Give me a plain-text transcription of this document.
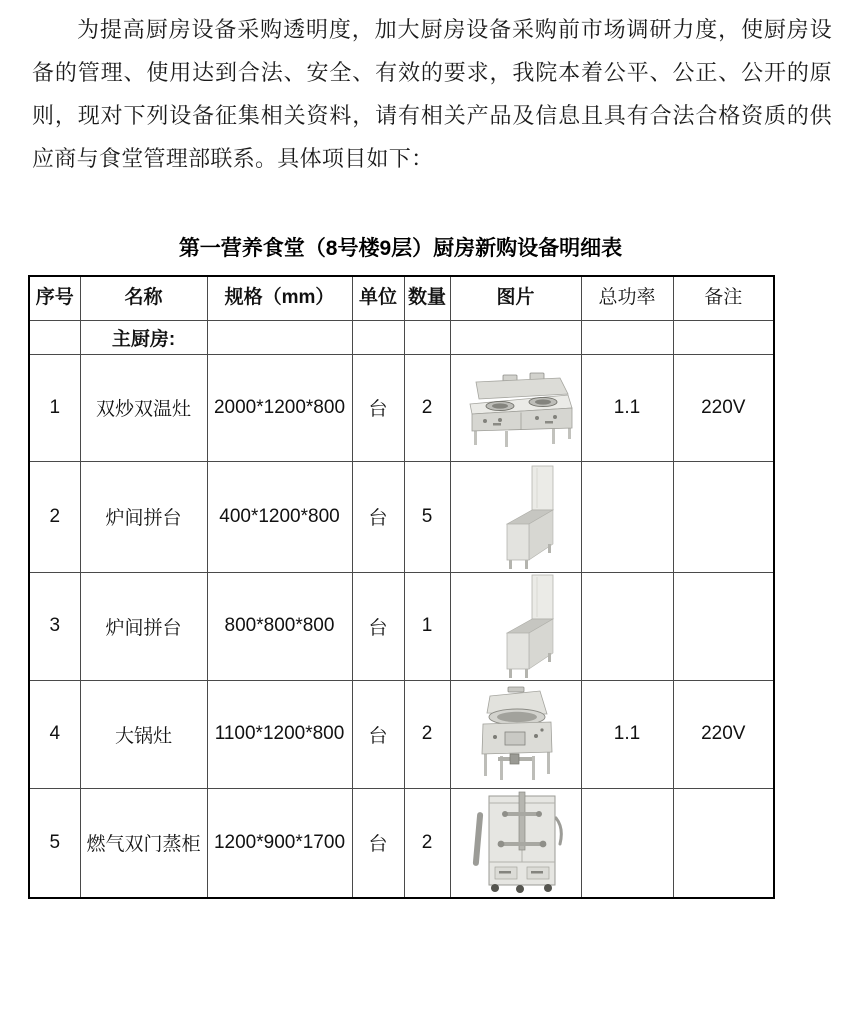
为提高厨房设备采购透明度，加大厨房设备采购前市场调研力度，使厨房设备的管理、使用达到合法、安全、有效的要求，我院本着公平、公正、公开的原则，现对下列设备征集相关资料，请有相关产品及信息且具有合法合格资质的供应商与食堂管理部联系。具体项目如下：

第一营养食堂（8号楼9层）厨房新购设备明细表
序号	名称	规格（mm）	单位	数量	图片	总功率	备注
	主厨房:						
1	双炒双温灶	2000*1200*800	台	2		1.1	220V
2	炉间拼台	400*1200*800	台	5	

3	炉间拼台	800*800*800	台	1	

4	大锅灶	1100*1200*800	台	2		1.1	220V
5	燃气双门蒸柜	1200*900*1700	台	2	
